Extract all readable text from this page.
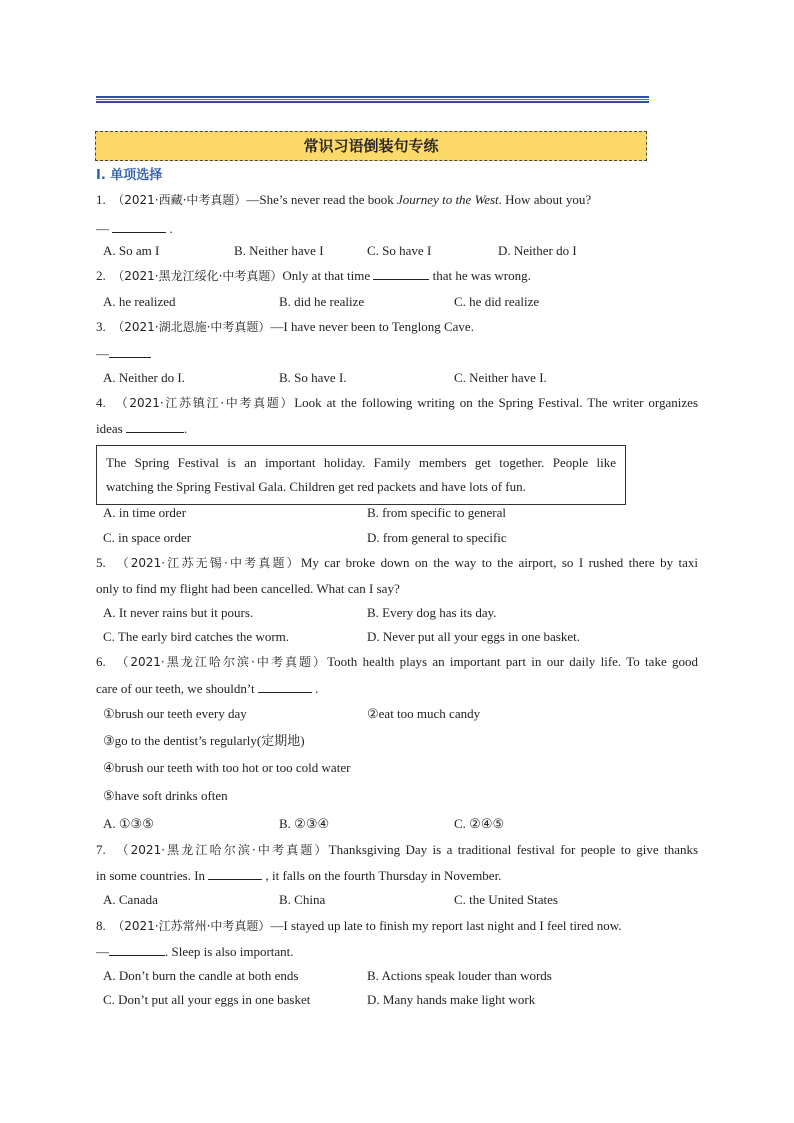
常识习语倒装句专练
I. 单项选择
1. （2021·西藏·中考真题）—She’s never read the book Journey to the West. How about you?
—	.
A. So am I	B. Neither have I	C. So have I	D. Neither do I
2. （2021·黑龙江绥化·中考真题）Only at that time	that he was wrong.
A. he realized	B. did he realize	C. he did realize
3. （2021·湖北恩施·中考真题）—I have never been to Tenglong Cave.
—
A. Neither do I.	B. So have I.	C. Neither have I.
4. （2021·江苏镇江·中考真题）Look at the following writing on the Spring Festival. The writer organizes
ideas	.
The Spring Festival is an important holiday. Family members get together. People like
watching the Spring Festival Gala. Children get red packets and have lots of fun.
A. in time order	B. from specific to general
C. in space order	D. from general to specific
5. （2021·江苏无锡·中考真题）My car broke down on the way to the airport, so I rushed there by taxi
only to find my flight had been cancelled. What can I say?
A. It never rains but it pours.	B. Every dog has its day.
C. The early bird catches the worm.	D. Never put all your eggs in one basket.
6. （2021·黑龙江哈尔滨·中考真题）Tooth health plays an important part in our daily life. To take good
care of our teeth, we shouldn’t	.
①brush our teeth every day	②eat too much candy
③go to the dentist’s regularly(定期地)
④brush our teeth with too hot or too cold water
⑤have soft drinks often
A. ①③⑤	B. ②③④	C. ②④⑤
7. （2021·黑龙江哈尔滨·中考真题）Thanksgiving Day is a traditional festival for people to give thanks
in some countries. In	, it falls on the fourth Thursday in November.
A. Canada	B. China	C. the United States
8. （2021·江苏常州·中考真题）—I stayed up late to finish my report last night and I feel tired now.
—	. Sleep is also important.
A. Don’t burn the candle at both ends	B. Actions speak louder than words
C. Don’t put all your eggs in one basket	D. Many hands make light work
